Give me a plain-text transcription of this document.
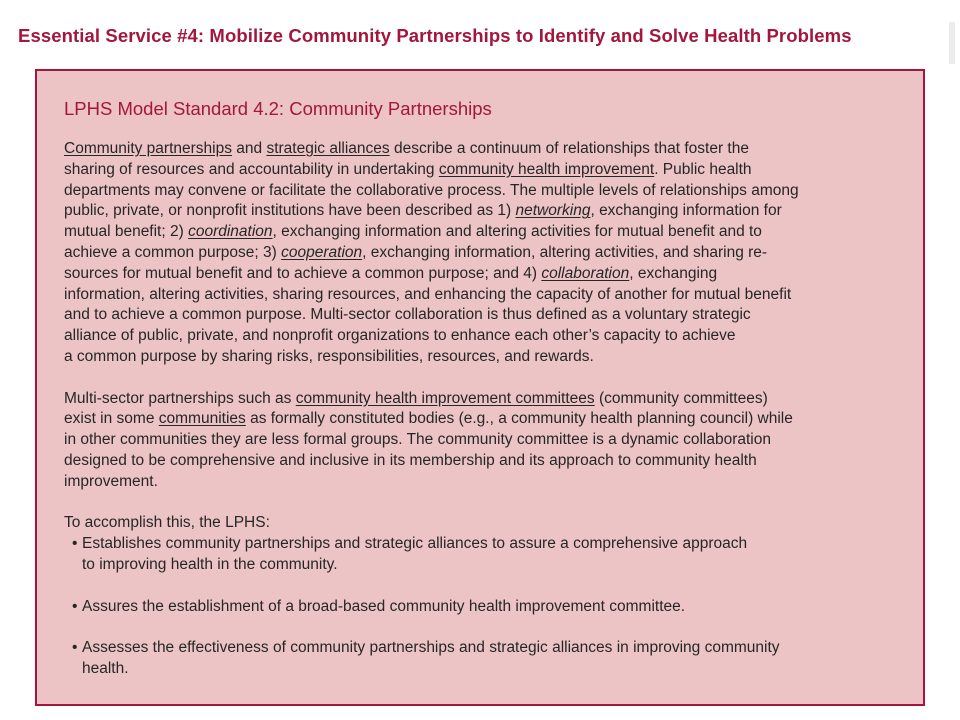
Essential Service #4: Mobilize Community Partnerships to Identify and Solve Health Problems
LPHS Model Standard 4.2: Community Partnerships

Community partnerships and strategic alliances describe a continuum of relationships that foster the
sharing of resources and accountability in undertaking community health improvement. Public health
departments may convene or facilitate the collaborative process. The multiple levels of relationships among
public, private, or nonprofit institutions have been described as 1) networking, exchanging information for
mutual benefit; 2) coordination, exchanging information and altering activities for mutual benefit and to
achieve a common purpose; 3) cooperation, exchanging information, altering activities, and sharing re-
sources for mutual benefit and to achieve a common purpose; and 4) collaboration, exchanging
information, altering activities, sharing resources, and enhancing the capacity of another for mutual benefit
and to achieve a common purpose. Multi-sector collaboration is thus defined as a voluntary strategic
alliance of public, private, and nonprofit organizations to enhance each other’s capacity to achieve
a common purpose by sharing risks, responsibilities, resources, and rewards.

Multi-sector partnerships such as community health improvement committees (community committees)
exist in some communities as formally constituted bodies (e.g., a community health planning council) while
in other communities they are less formal groups. The community committee is a dynamic collaboration
designed to be comprehensive and inclusive in its membership and its approach to community health
improvement.

To accomplish this, the LPHS:

• Establishes community partnerships and strategic alliances to assure a comprehensive approach
to improving health in the community.
• Assures the establishment of a broad-based community health improvement committee.
• Assesses the effectiveness of community partnerships and strategic alliances in improving community
health.
